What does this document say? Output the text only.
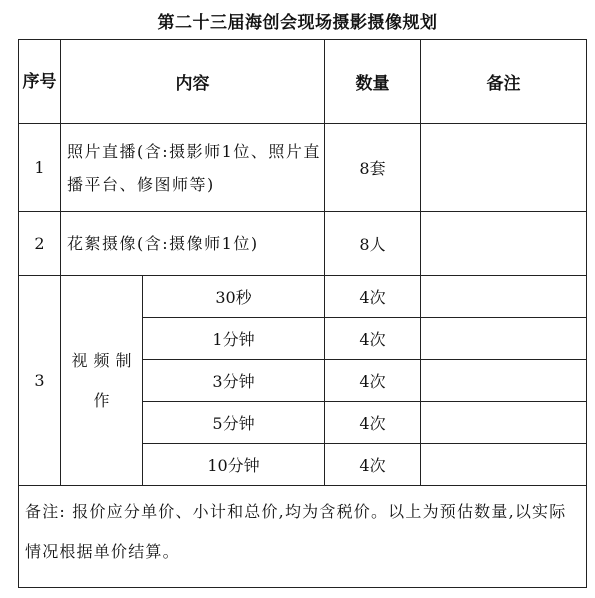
第二十三届海创会现场摄影摄像规划
序号	内容		数量	备注
1	照片直播(含:摄影师1位、照片直播平台、修图师等)		8套	
2	花絮摄像(含:摄像师1位)		8人	
3	视频制作	30秒	4次	
		1分钟	4次	
		3分钟	4次	
		5分钟	4次	
		10分钟	4次	
备注: 报价应分单价、小计和总价,均为含税价。以上为预估数量,以实际情况根据单价结算。				
